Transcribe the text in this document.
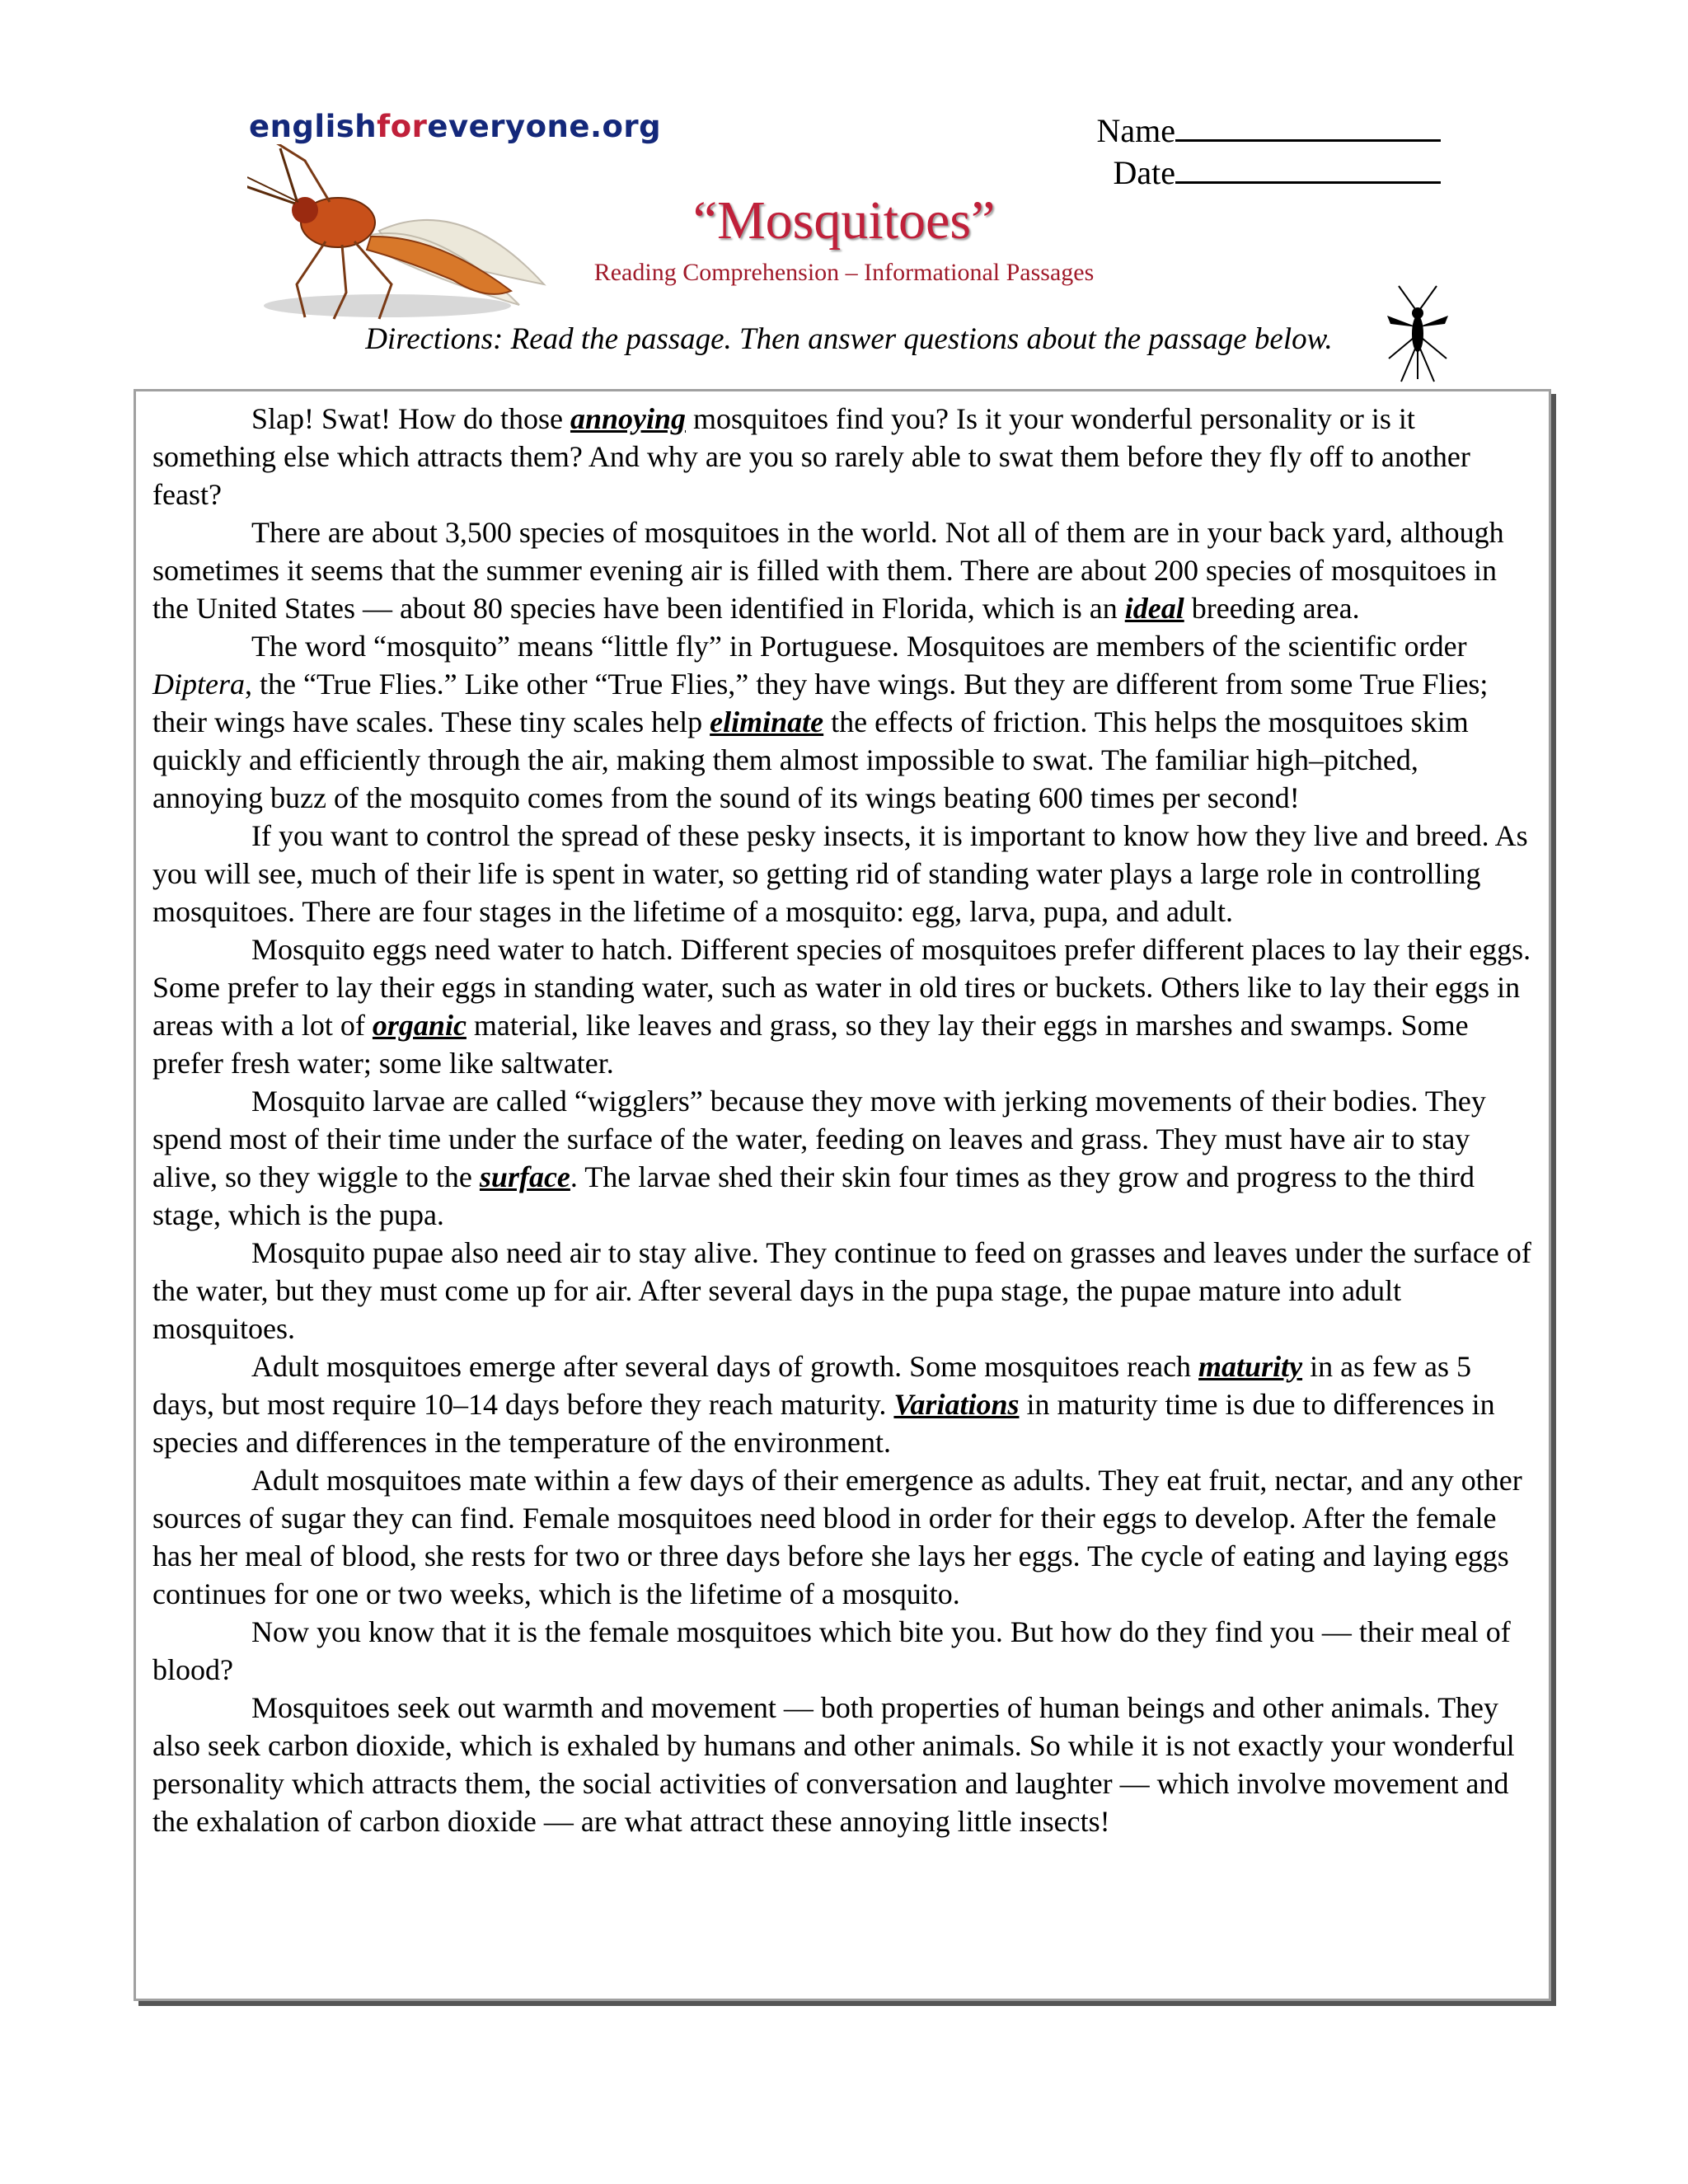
englishforeveryone.org	Name
Date
“Mosquitoes”
Reading Comprehension – Informational Passages
Directions: Read the passage. Then answer questions about the passage below.

Slap! Swat! How do those annoying mosquitoes find you? Is it your wonderful personality or is it something else which attracts them? And why are you so rarely able to swat them before they fly off to another feast?

There are about 3,500 species of mosquitoes in the world. Not all of them are in your back yard, although sometimes it seems that the summer evening air is filled with them. There are about 200 species of mosquitoes in the United States — about 80 species have been identified in Florida, which is an ideal breeding area.

The word “mosquito” means “little fly” in Portuguese. Mosquitoes are members of the scientific order Diptera, the “True Flies.” Like other “True Flies,” they have wings. But they are different from some True Flies; their wings have scales. These tiny scales help eliminate the effects of friction. This helps the mosquitoes skim quickly and efficiently through the air, making them almost impossible to swat. The familiar high–pitched, annoying buzz of the mosquito comes from the sound of its wings beating 600 times per second!

If you want to control the spread of these pesky insects, it is important to know how they live and breed. As you will see, much of their life is spent in water, so getting rid of standing water plays a large role in controlling mosquitoes. There are four stages in the lifetime of a mosquito: egg, larva, pupa, and adult.

Mosquito eggs need water to hatch. Different species of mosquitoes prefer different places to lay their eggs. Some prefer to lay their eggs in standing water, such as water in old tires or buckets. Others like to lay their eggs in areas with a lot of organic material, like leaves and grass, so they lay their eggs in marshes and swamps. Some prefer fresh water; some like saltwater.

Mosquito larvae are called “wigglers” because they move with jerking movements of their bodies. They spend most of their time under the surface of the water, feeding on leaves and grass. They must have air to stay alive, so they wiggle to the surface. The larvae shed their skin four times as they grow and progress to the third stage, which is the pupa.

Mosquito pupae also need air to stay alive. They continue to feed on grasses and leaves under the surface of the water, but they must come up for air. After several days in the pupa stage, the pupae mature into adult mosquitoes.

Adult mosquitoes emerge after several days of growth. Some mosquitoes reach maturity in as few as 5 days, but most require 10–14 days before they reach maturity. Variations in maturity time is due to differences in species and differences in the temperature of the environment.

Adult mosquitoes mate within a few days of their emergence as adults. They eat fruit, nectar, and any other sources of sugar they can find. Female mosquitoes need blood in order for their eggs to develop. After the female has her meal of blood, she rests for two or three days before she lays her eggs. The cycle of eating and laying eggs continues for one or two weeks, which is the lifetime of a mosquito.

Now you know that it is the female mosquitoes which bite you. But how do they find you — their meal of blood?

Mosquitoes seek out warmth and movement — both properties of human beings and other animals. They also seek carbon dioxide, which is exhaled by humans and other animals. So while it is not exactly your wonderful personality which attracts them, the social activities of conversation and laughter — which involve movement and the exhalation of carbon dioxide — are what attract these annoying little insects!
